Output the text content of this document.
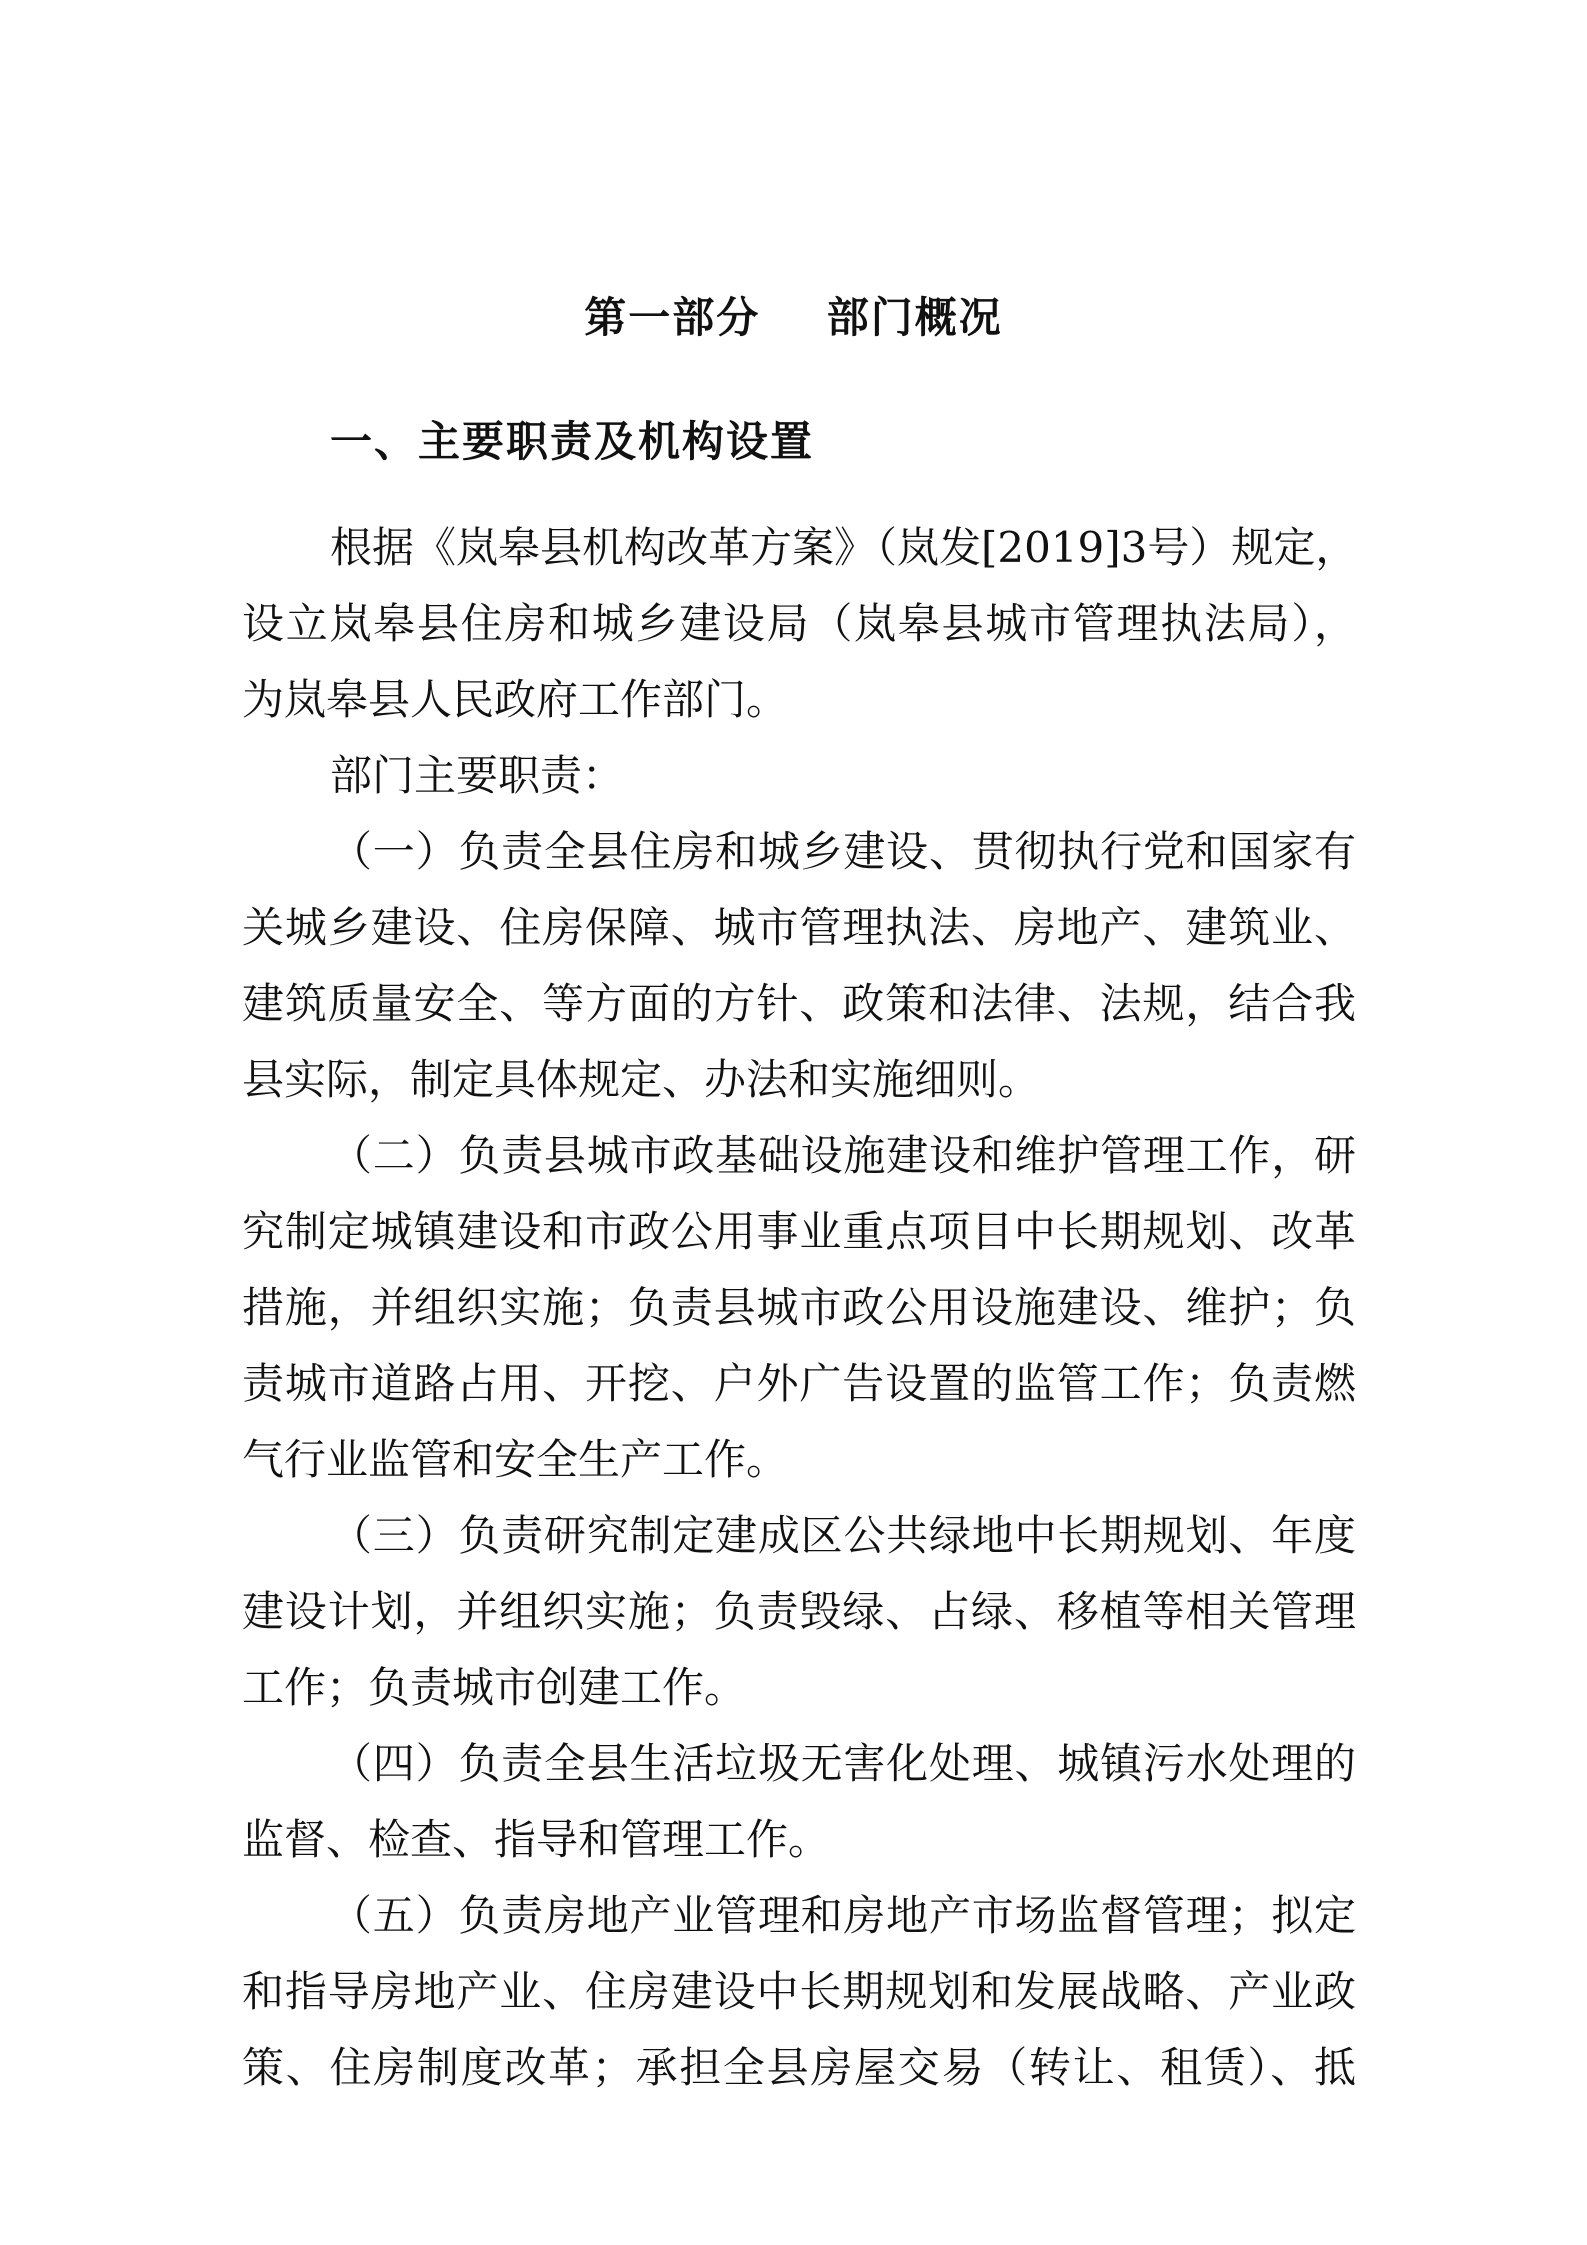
第一部分    部门概况
一、主要职责及机构设置
根据《岚皋县机构改革方案》（岚发[2019]3号）规定，
设立岚皋县住房和城乡建设局（岚皋县城市管理执法局），
为岚皋县人民政府工作部门。
部门主要职责：
（一）负责全县住房和城乡建设、贯彻执行党和国家有
关城乡建设、住房保障、城市管理执法、房地产、建筑业、
建筑质量安全、等方面的方针、政策和法律、法规，结合我
县实际，制定具体规定、办法和实施细则。
（二）负责县城市政基础设施建设和维护管理工作，研
究制定城镇建设和市政公用事业重点项目中长期规划、改革
措施，并组织实施；负责县城市政公用设施建设、维护；负
责城市道路占用、开挖、户外广告设置的监管工作；负责燃
气行业监管和安全生产工作。
（三）负责研究制定建成区公共绿地中长期规划、年度
建设计划，并组织实施；负责毁绿、占绿、移植等相关管理
工作；负责城市创建工作。
（四）负责全县生活垃圾无害化处理、城镇污水处理的
监督、检查、指导和管理工作。
（五）负责房地产业管理和房地产市场监督管理；拟定
和指导房地产业、住房建设中长期规划和发展战略、产业政
策、住房制度改革；承担全县房屋交易（转让、租赁）、抵
